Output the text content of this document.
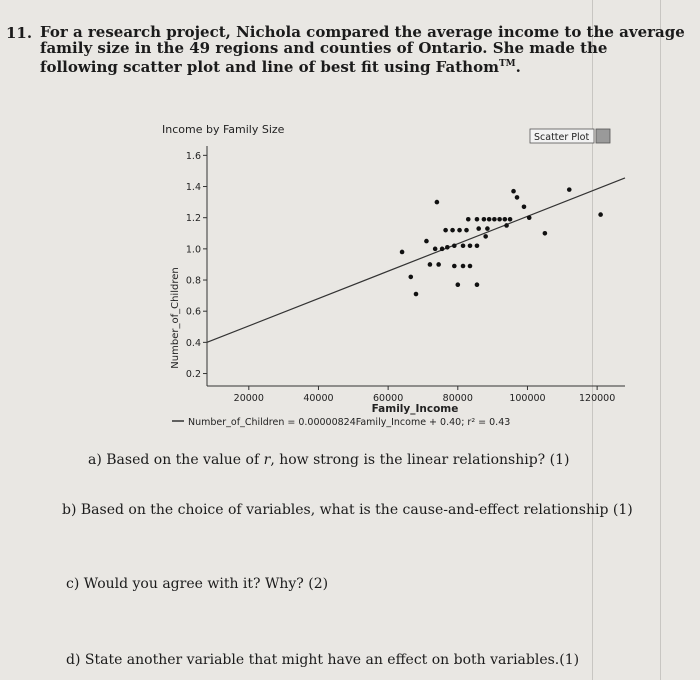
11. For a research project, Nichola compared the average income to the average family size in the 49 regions and counties of Ontario. She made the following scatter plot and line of best fit using Fathom™.
Income by Family Size
Scatter Plot
0.2
0.4
0.6
0.8
1.0
1.2
1.4
1.6
20000	40000	60000	80000	100000	120000
Number_of_Children
Family_Income
Number_of_Children = 0.00000824Family_Income + 0.40; r² = 0.43
a) Based on the value of r, how strong is the linear relationship? (1)
b) Based on the choice of variables, what is the cause-and-effect relationship (1)
c) Would you agree with it? Why? (2)
d) State another variable that might have an effect on both variables.(1)
